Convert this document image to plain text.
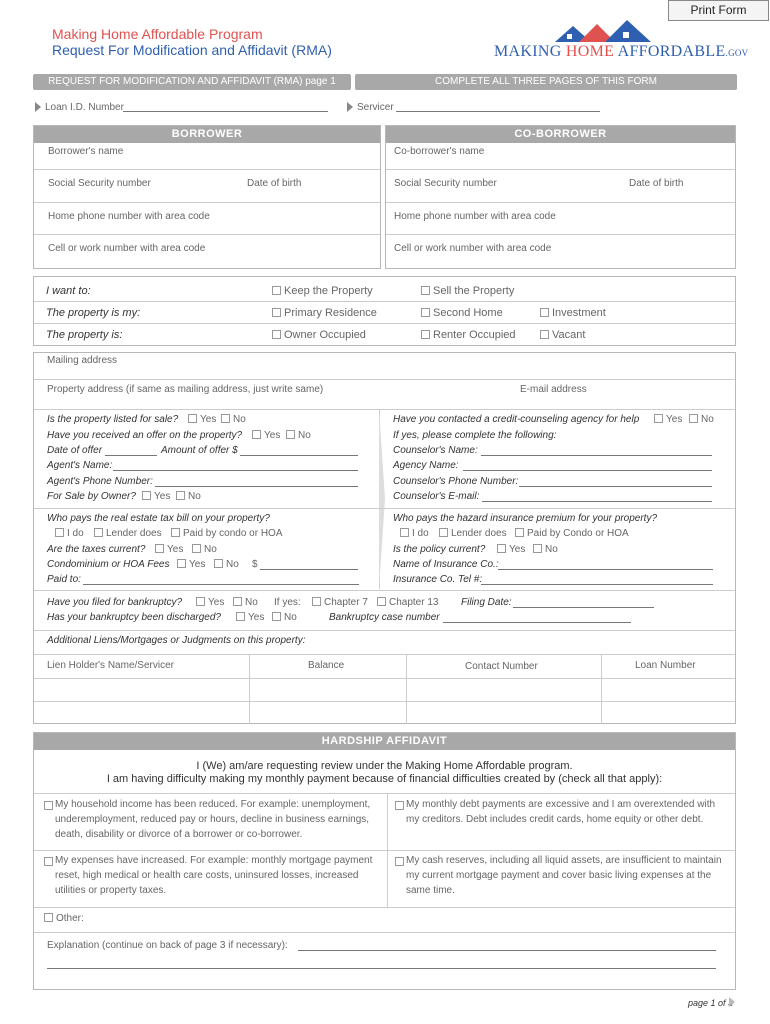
Print Form
Making Home Affordable Program
Request For Modification and Affidavit (RMA)	MAKING HOME AFFORDABLE.GOV
REQUEST FOR MODIFICATION AND AFFIDAVIT (RMA) page 1	COMPLETE ALL THREE PAGES OF THIS FORM
Loan I.D. Number	Servicer
BORROWER
Borrower's name
Social Security number	Date of birth
Home phone number with area code
Cell or work number with area code
CO-BORROWER
Co-borrower's name
Social Security number	Date of birth
Home phone number with area code
Cell or work number with area code
I want to:	Keep the Property	Sell the Property
The property is my:	Primary Residence	Second Home	Investment
The property is:	Owner Occupied	Renter Occupied	Vacant
Mailing address
Property address (if same as mailing address, just write same)	E-mail address
Is the property listed for sale?	Yes	No
Have you received an offer on the property?	Yes	No
Date of offer	Amount of offer $
Agent's Name:
Agent's Phone Number:
For Sale by Owner?	Yes	No
Have you contacted a credit-counseling agency for help	Yes	No
If yes, please complete the following:
Counselor's Name:
Agency Name:
Counselor's Phone Number:
Counselor's E-mail:
Who pays the real estate tax bill on your property?
I do	Lender does	Paid by condo or HOA
Are the taxes current?	Yes	No
Condominium or HOA Fees	Yes	No $
Paid to:
Who pays the hazard insurance premium for your property?
I do	Lender does	Paid by Condo or HOA
Is the policy current?	Yes	No
Name of Insurance Co.:
Insurance Co. Tel #:
Have you filed for bankruptcy?	Yes	No If yes:	Chapter 7	Chapter 13 Filing Date:
Has your bankruptcy been discharged?	Yes	No	Bankruptcy case number
Additional Liens/Mortgages or Judgments on this property:
Lien Holder's Name/Servicer	Balance	Contact Number	Loan Number
HARDSHIP AFFIDAVIT
I (We) am/are requesting review under the Making Home Affordable program.
I am having difficulty making my monthly payment because of financial difficulties created by (check all that apply):
My household income has been reduced. For example: unemployment, underemployment, reduced pay or hours, decline in business earnings, death, disability or divorce of a borrower or co-borrower.
My monthly debt payments are excessive and I am overextended with my creditors. Debt includes credit cards, home equity or other debt.
My expenses have increased. For example: monthly mortgage payment reset, high medical or health care costs, uninsured losses, increased utilities or property taxes.
My cash reserves, including all liquid assets, are insufficient to maintain my current mortgage payment and cover basic living expenses at the same time.
Other:
Explanation (continue on back of page 3 if necessary):
page 1 of 3
